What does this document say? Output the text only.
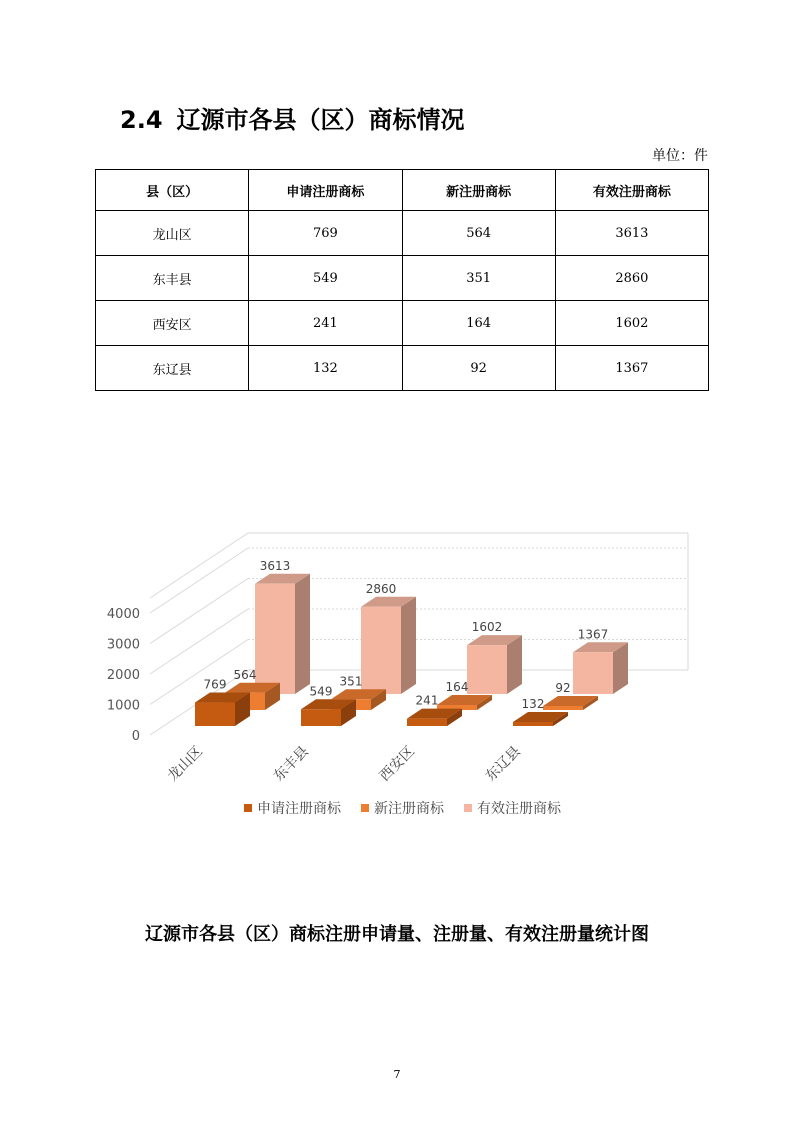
2.4 辽源市各县（区）商标情况
单位：件
县（区）	申请注册商标	新注册商标	有效注册商标
龙山区	769	564	3613
东丰县	549	351	2860
西安区	241	164	1602
东辽县	132	92	1367
0
1000
2000
3000
4000
3613
2860
1602
1367
564	351	164	92
769	549
241	132
龙山区	东丰县	西安区	东辽县
申请注册商标 新注册商标 有效注册商标
辽源市各县（区）商标注册申请量、注册量、有效注册量统计图
7
